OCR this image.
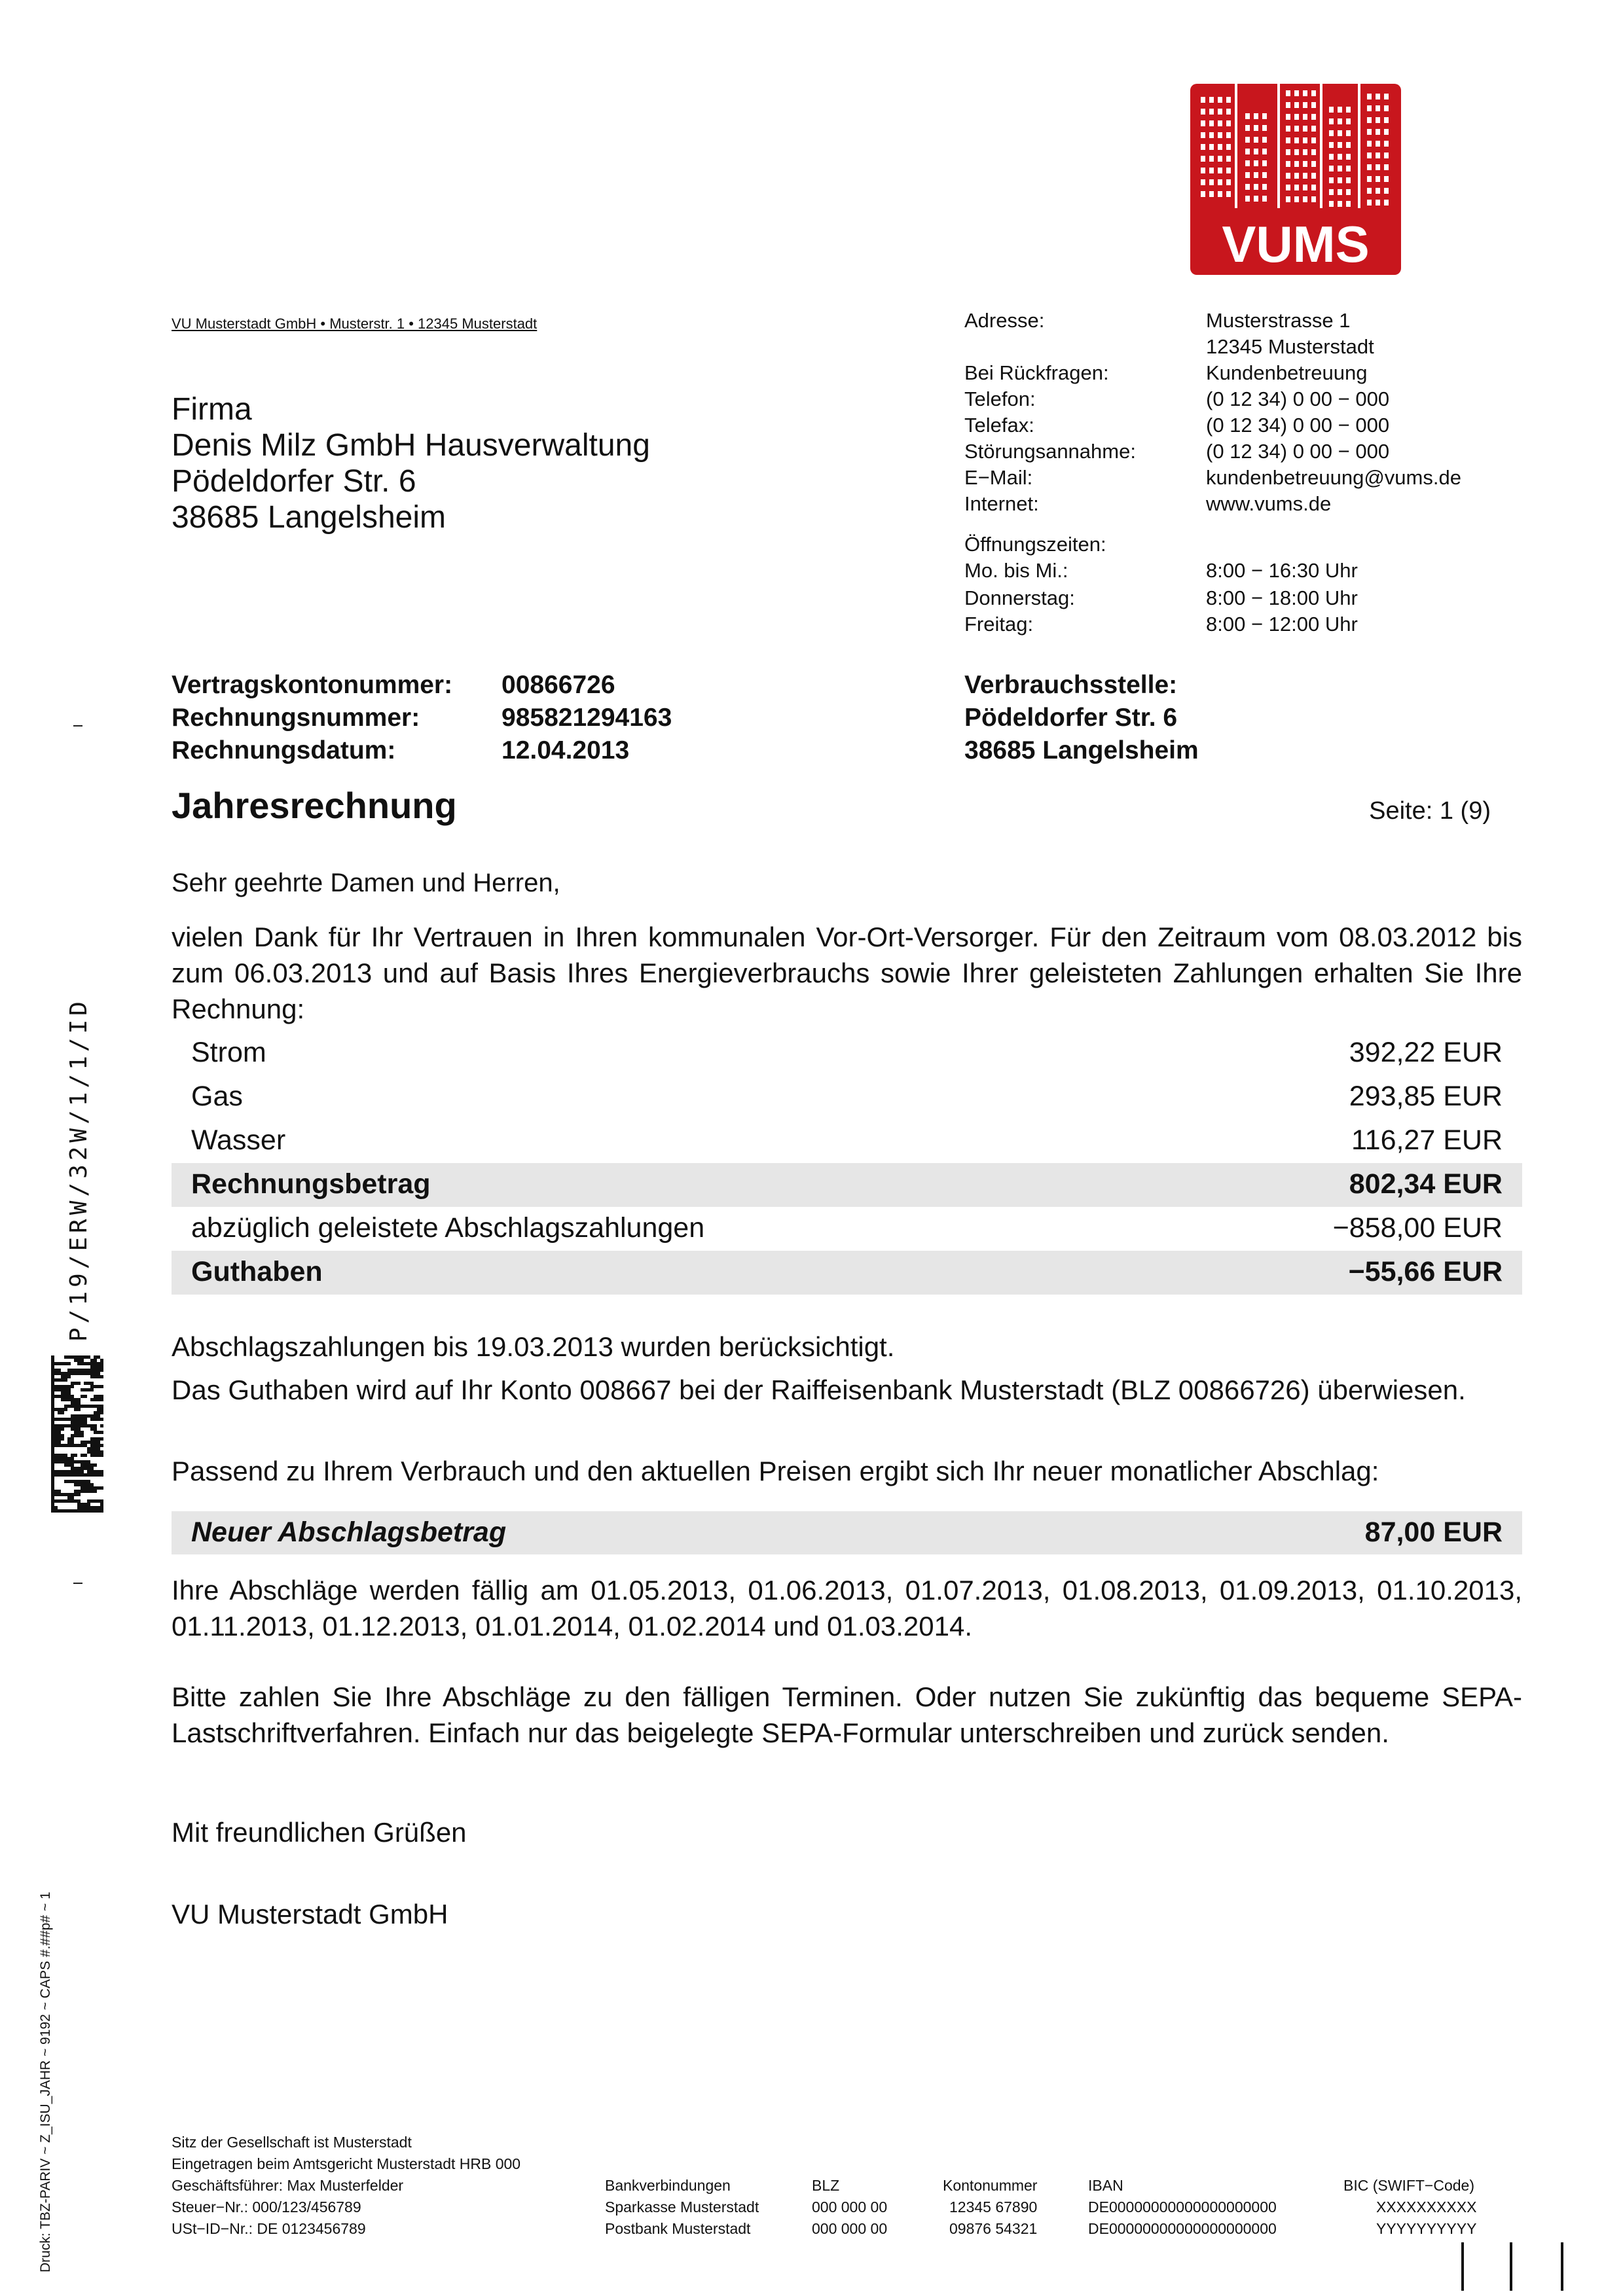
VUMS
VU Musterstadt GmbH • Musterstr. 1 • 12345 Musterstadt
Firma
Denis Milz GmbH Hausverwaltung
Pödeldorfer Str. 6
38685 Langelsheim
Adresse:	Musterstrasse 1
12345 Musterstadt
Bei Rückfragen:	Kundenbetreuung
Telefon:	(0 12 34) 0 00 − 000
Telefax:	(0 12 34) 0 00 − 000
Störungsannahme:	(0 12 34) 0 00 − 000
E−Mail:	kundenbetreuung@vums.de
Internet:	www.vums.de
Öffnungszeiten:
Mo. bis Mi.:	8:00 − 16:30 Uhr
Donnerstag:	8:00 − 18:00 Uhr
Freitag:	8:00 − 12:00 Uhr
Vertragskontonummer: 00866726
Rechnungsnummer:	985821294163
Rechnungsdatum:	12.04.2013
Verbrauchsstelle:
Pödeldorfer Str. 6
38685 Langelsheim
Jahresrechnung	Seite: 1 (9)
Sehr geehrte Damen und Herren,
vielen Dank für Ihr Vertrauen in Ihren kommunalen Vor-Ort-Versorger. Für den Zeitraum vom 08.03.2012 bis zum 06.03.2013 und auf Basis Ihres Energieverbrauchs sowie Ihrer geleisteten Zahlungen erhalten Sie Ihre Rechnung:
Strom	392,22 EUR
Gas	293,85 EUR
Wasser	116,27 EUR
Rechnungsbetrag	802,34 EUR
abzüglich geleistete Abschlagszahlungen	−858,00 EUR
Guthaben	−55,66 EUR
Abschlagszahlungen bis 19.03.2013 wurden berücksichtigt.
Das Guthaben wird auf Ihr Konto 008667 bei der Raiffeisenbank Musterstadt (BLZ 00866726) überwiesen.
Passend zu Ihrem Verbrauch und den aktuellen Preisen ergibt sich Ihr neuer monatlicher Abschlag:
Neuer Abschlagsbetrag	87,00 EUR
Ihre Abschläge werden fällig am 01.05.2013, 01.06.2013, 01.07.2013, 01.08.2013, 01.09.2013, 01.10.2013, 01.11.2013, 01.12.2013, 01.01.2014, 01.02.2014 und 01.03.2014.
Bitte zahlen Sie Ihre Abschläge zu den fälligen Terminen. Oder nutzen Sie zukünftig das bequeme SEPA-Lastschriftverfahren. Einfach nur das beigelegte SEPA-Formular unterschreiben und zurück senden.
Mit freundlichen Grüßen
VU Musterstadt GmbH
P/19/ERW/32W/1/1/ID
Druck: TBZ-PARIV ~ Z_ISU_JAHR ~ 9192 ~ CAPS #.##p# ~ 1	Sitz der Gesellschaft ist Musterstadt
Eingetragen beim Amtsgericht Musterstadt HRB 000
Geschäftsführer: Max Musterfelder
Steuer−Nr.: 000/123/456789
USt−ID−Nr.: DE 0123456789
Bankverbindungen	BLZ	Kontonummer	IBAN	BIC (SWIFT−Code)
Sparkasse Musterstadt	000 000 00	12345 67890	DE00000000000000000000	XXXXXXXXXX
Postbank Musterstadt	000 000 00	09876 54321	DE00000000000000000000	YYYYYYYYYY
